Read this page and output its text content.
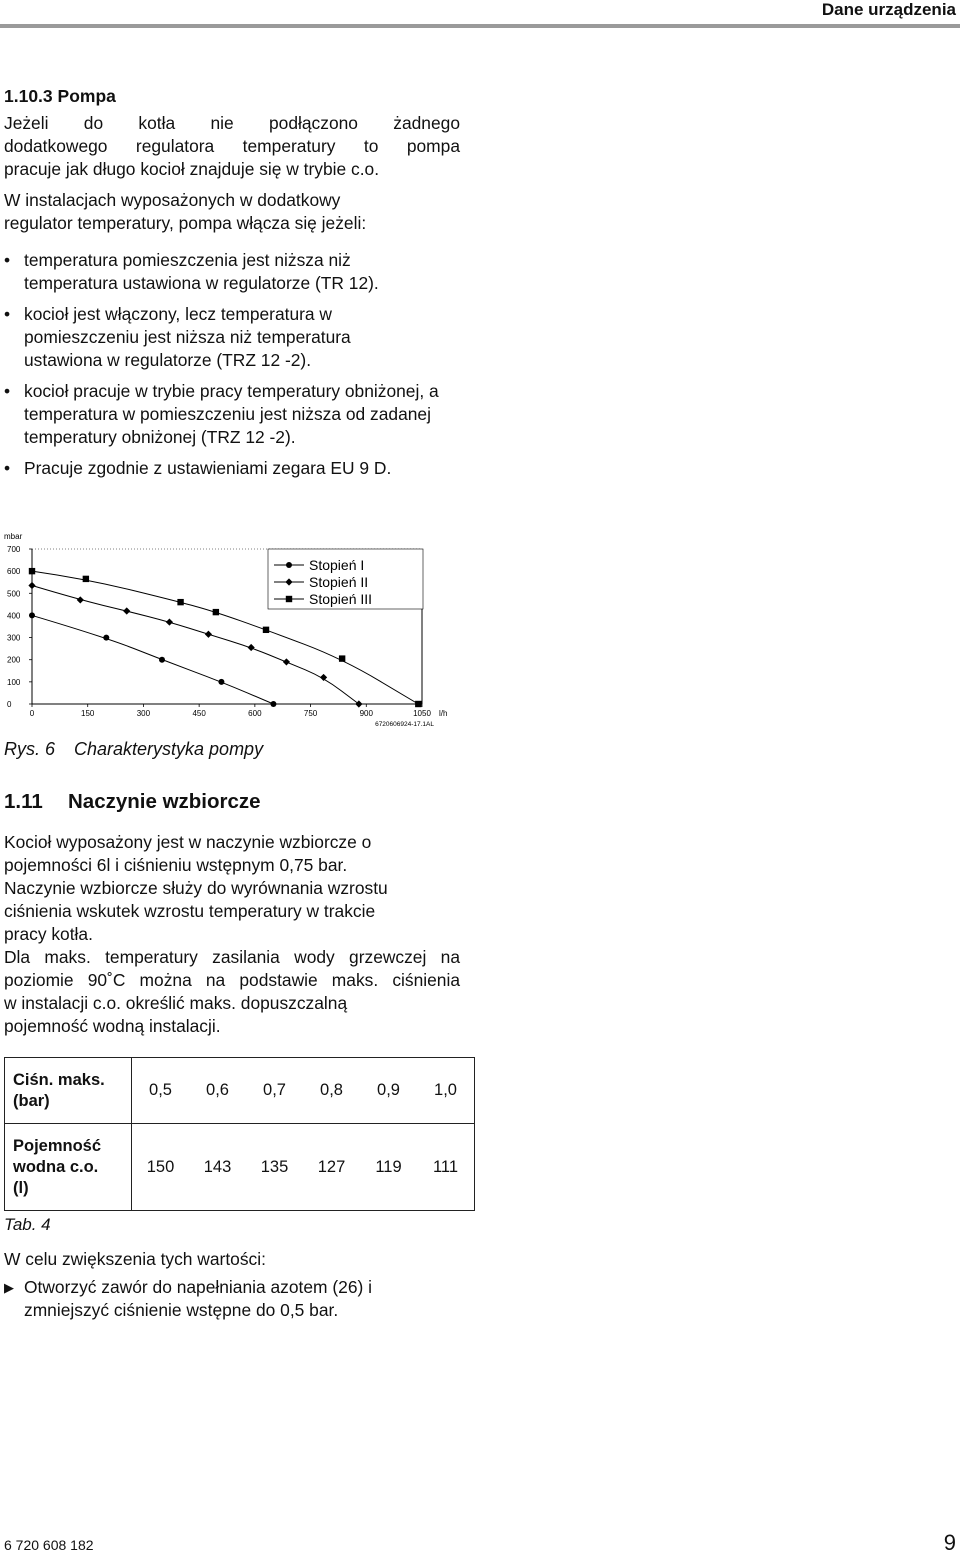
Dane urządzenia
1.10.3 Pompa

Jeżeli do kotła nie podłączono żadnego
dodatkowego regulatora temperatury to pompa
pracuje jak długo kocioł znajduje się w trybie c.o.

W instalacjach wyposażonych w dodatkowy
regulator temperatury, pompa włącza się jeżeli:

• temperatura pomieszczenia jest niższa niż temperatura ustawiona w regulatorze (TR 12).
• kocioł jest włączony, lecz temperatura w pomieszczeniu jest niższa niż temperatura ustawiona w regulatorze (TRZ 12 -2).
• kocioł pracuje w trybie pracy temperatury obniżonej, a temperatura w pomieszczeniu jest niższa od zadanej temperatury obniżonej (TRZ 12 -2).
• Pracuje zgodnie z ustawieniami zegara EU 9 D.
0
100
200
300
400
500
600
700
0	150	300	450	600	750	900	1050
mbar
l/h
6720606924-17.1AL
Stopień I
Stopień II
Stopień III
Rys. 6 Charakterystyka pompy
1.11 Naczynie wzbiorcze

Kocioł wyposażony jest w naczynie wzbiorcze o
pojemności 6l i ciśnieniu wstępnym 0,75 bar.

Naczynie wzbiorcze służy do wyrównania wzrostu
ciśnienia wskutek wzrostu temperatury w trakcie
pracy kotła.

Dla maks. temperatury zasilania wody grzewczej na
poziomie 90˚C można na podstawie maks. ciśnienia
w instalacji c.o. określić maks. dopuszczalną
pojemność wodną instalacji.

Ciśn. maks.
(bar)	0,5	0,6	0,7	0,8	0,9	1,0

Pojemność
wodna c.o.
(l)	150	143	135	127	119	111
Tab. 4

W celu zwiększenia tych wartości:

▶ Otworzyć zawór do napełniania azotem (26) i
zmniejszyć ciśnienie wstępne do 0,5 bar.
6 720 608 182	9
